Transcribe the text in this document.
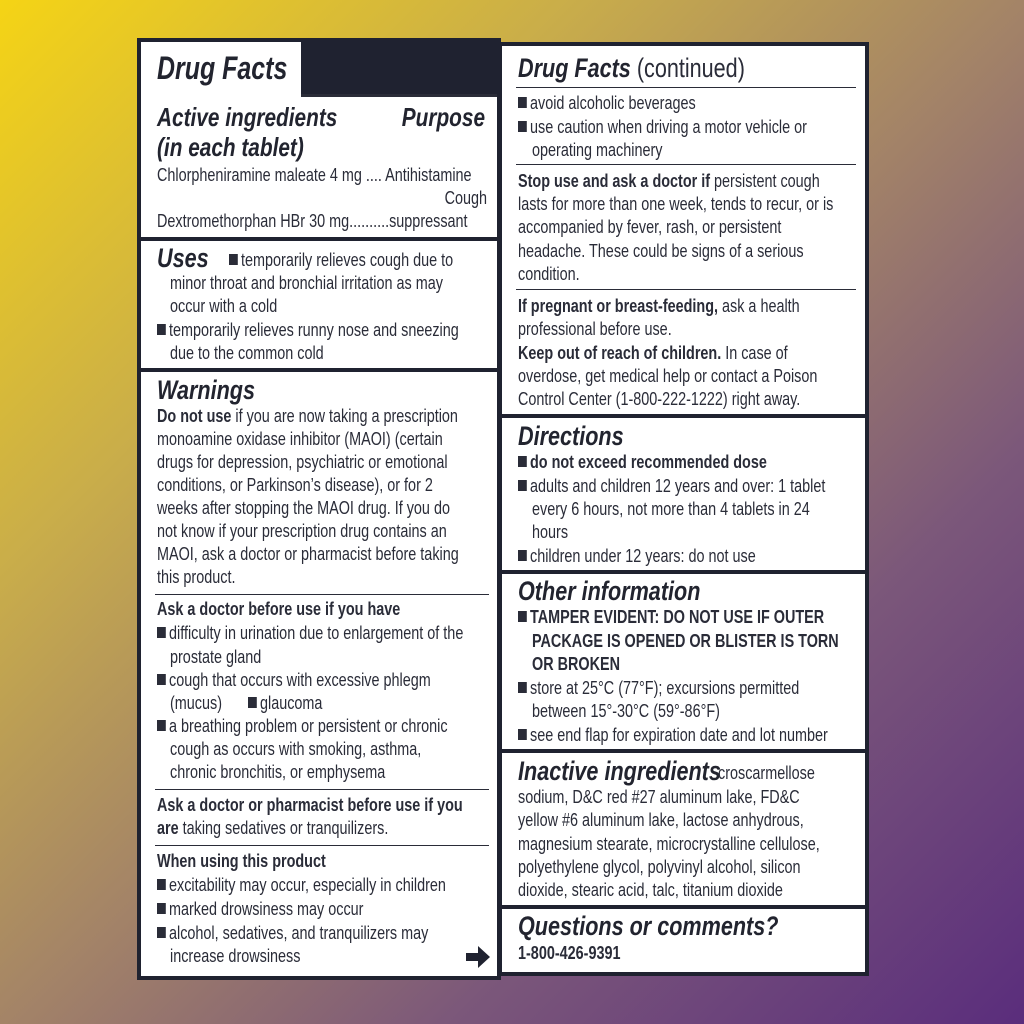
Drug Facts
Active ingredients
(in each tablet)
Purpose
Chlorpheniramine maleate 4 mg .... Antihistamine
Cough
Dextromethorphan HBr 30 mg..........suppressant
Uses	temporarily relieves cough due to
minor throat and bronchial irritation as may
occur with a cold
temporarily relieves runny nose and sneezing
due to the common cold
Warnings
Do not use if you are now taking a prescription
monoamine oxidase inhibitor (MAOI) (certain
drugs for depression, psychiatric or emotional
conditions, or Parkinson’s disease), or for 2
weeks after stopping the MAOI drug. If you do
not know if your prescription drug contains an
MAOI, ask a doctor or pharmacist before taking
this product.
Ask a doctor before use if you have
difficulty in urination due to enlargement of the
prostate gland
cough that occurs with excessive phlegm
(mucus)	glaucoma
a breathing problem or persistent or chronic
cough as occurs with smoking, asthma,
chronic bronchitis, or emphysema
Ask a doctor or pharmacist before use if you
are taking sedatives or tranquilizers.
When using this product
excitability may occur, especially in children
marked drowsiness may occur
alcohol, sedatives, and tranquilizers may
increase drowsiness
Drug Facts (continued)
avoid alcoholic beverages
use caution when driving a motor vehicle or
operating machinery
Stop use and ask a doctor if persistent cough
lasts for more than one week, tends to recur, or is
accompanied by fever, rash, or persistent
headache. These could be signs of a serious
condition.
If pregnant or breast-feeding, ask a health
professional before use.
Keep out of reach of children. In case of
overdose, get medical help or contact a Poison
Control Center (1-800-222-1222) right away.
Directions
do not exceed recommended dose
adults and children 12 years and over: 1 tablet
every 6 hours, not more than 4 tablets in 24
hours
children under 12 years: do not use
Other information
TAMPER EVIDENT: DO NOT USE IF OUTER
PACKAGE IS OPENED OR BLISTER IS TORN
OR BROKEN
store at 25°C (77°F); excursions permitted
between 15°-30°C (59°-86°F)
see end flap for expiration date and lot number
Inactive ingredients
croscarmellose
sodium, D&C red #27 aluminum lake, FD&C
yellow #6 aluminum lake, lactose anhydrous,
magnesium stearate, microcrystalline cellulose,
polyethylene glycol, polyvinyl alcohol, silicon
dioxide, stearic acid, talc, titanium dioxide
Questions or comments?
1-800-426-9391
